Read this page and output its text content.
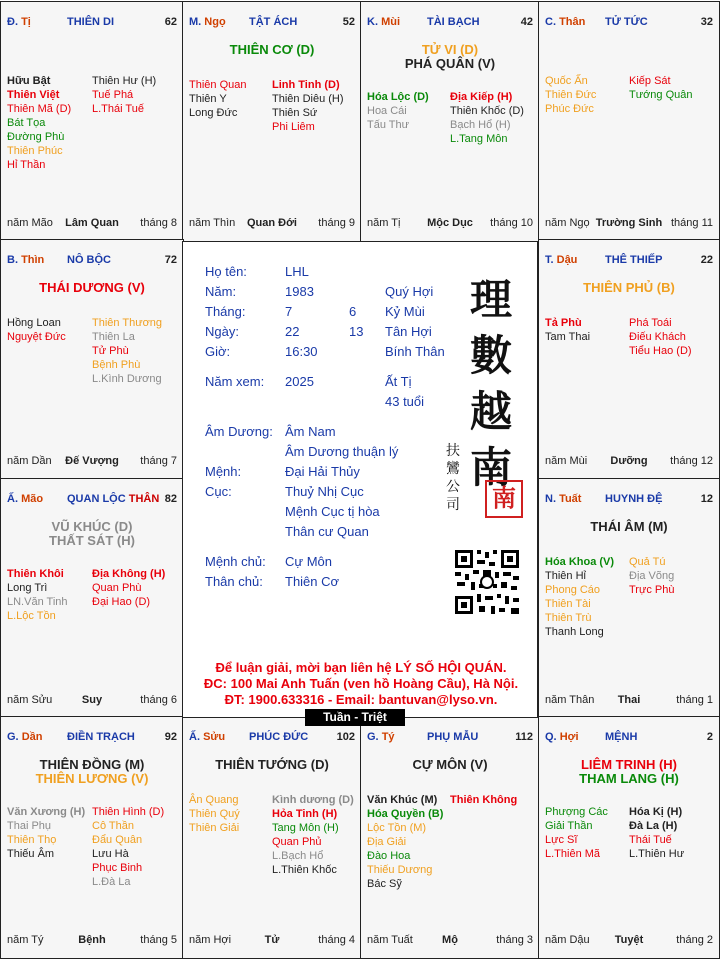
Đ. Tị	THIÊN DI	62
Hữu Bật
Thiên Việt
Thiên Mã (D)
Bát Tọa
Đường Phù
Thiên Phúc
Hỉ Thần
Thiên Hư (H)
Tuế Phá
L.Thái Tuế
năm Mão	Lâm Quan	tháng 8
M. Ngọ TẬT ÁCH	52
THIÊN CƠ (D)
Thiên Quan
Thiên Y
Long Đức
Linh Tinh (D)
Thiên Diêu (H)
Thiên Sứ
Phi Liêm
năm Thìn	Quan Đới	tháng 9
K. Mùi TÀI BẠCH	42
TỬ VI (D)
PHÁ QUÂN (V)
Hóa Lộc (D)
Hoa Cái
Tấu Thư
Địa Kiếp (H)
Thiên Khốc (D)
Bạch Hổ (H)
L.Tang Môn
năm Tị	Mộc Dục	tháng 10
C. Thân TỬ TỨC	32
Quốc Ấn
Thiên Đức
Phúc Đức
Kiếp Sát
Tướng Quân
năm Ngọ Trường Sinh tháng 11
B. Thìn NÔ BỘC	72
THÁI DƯƠNG (V)
Hồng Loan
Nguyệt Đức
Thiên Thương
Thiên La
Tử Phù
Bệnh Phù
L.Kình Dương
năm Dần	Đế Vượng	tháng 7
T. Dậu	THÊ THIẾP	22
THIÊN PHỦ (B)
Tả Phù
Tam Thai
Phá Toái
Điếu Khách
Tiểu Hao (D)
năm Mùi	Dưỡng	tháng 12
Ấ. Mão QUAN LỘC THÂN 82
VŨ KHÚC (D)
THẤT SÁT (H)
Thiên Khôi
Long Trì
LN.Văn Tinh
L.Lộc Tồn
Địa Không (H)
Quan Phù
Đại Hao (D)
năm Sửu	Suy	tháng 6
N. Tuất HUYNH ĐỆ	12
THÁI ÂM (M)
Hóa Khoa (V)
Thiên Hỉ
Phong Cáo
Thiên Tài
Thiên Trù
Thanh Long
Quả Tú
Địa Võng
Trực Phù
năm Thân	Thai	tháng 1
G. Dần ĐIỀN TRẠCH	92
THIÊN ĐỒNG (M)
THIÊN LƯƠNG (V)
Văn Xương (H)
Thai Phụ
Thiên Thọ
Thiếu Âm
Thiên Hình (D)
Cô Thần
Đẩu Quân
Lưu Hà
Phục Binh
L.Đà La
năm Tý	Bệnh	tháng 5
Ấ. Sửu PHÚC ĐỨC	102
THIÊN TƯỚNG (D)
Ân Quang
Thiên Quý
Thiên Giải
Kình dương (D)
Hỏa Tinh (H)
Tang Môn (H)
Quan Phủ
L.Bạch Hổ
L.Thiên Khốc
năm Hợi	Tử	tháng 4
G. Tý	PHỤ MẪU	112
CỰ MÔN (V)
Văn Khúc (M)
Hóa Quyền (B)
Lộc Tồn (M)
Địa Giải
Đào Hoa
Thiếu Dương
Bác Sỹ
Thiên Không
năm Tuất	Mộ	tháng 3
Q. Hợi MỆNH	2
LIÊM TRINH (H)
THAM LANG (H)
Phượng Các
Giải Thần
Lực Sĩ
L.Thiên Mã
Hóa Kị (H)
Đà La (H)
Thái Tuế
L.Thiên Hư
năm Dậu	Tuyệt	tháng 2
Họ tên:	LHL
Năm:	1983	Quý Hợi
Tháng:	7	6 Kỷ Mùi
Ngày:	22	13 Tân Hợi
Giờ:	16:30	Bính Thân
Năm xem: 2025	Ất Tị
43 tuổi
Âm Dương: Âm Nam
Âm Dương thuận lý
Mệnh:	Đại Hải Thủy
Cục:	Thuỷ Nhị Cục
Mệnh Cục tị hòa
Thân cư Quan
Mệnh chủ: Cự Môn
Thân chủ: Thiên Cơ
理
數
越
南
扶
鸞
公
司 南
Để luận giải, mời bạn liên hệ LÝ SỐ HỘI QUÁN.
ĐC: 100 Mai Anh Tuấn (ven hồ Hoàng Cầu), Hà Nội.
ĐT: 1900.633316 - Email: bantuvan@lyso.vn.
Tuần - Triệt
